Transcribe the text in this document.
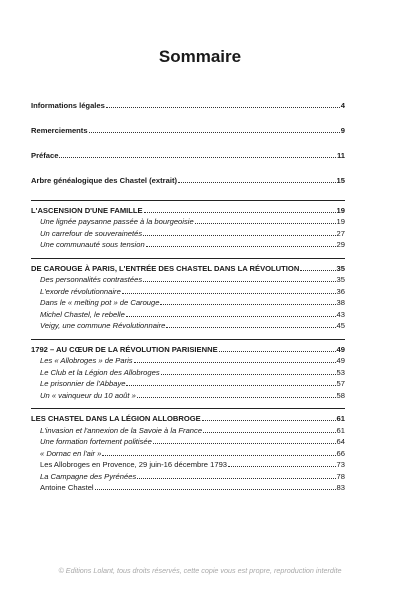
Sommaire
Informations légales	4
Remerciements	9
Préface	11
Arbre généalogique des Chastel (extrait)	15
L'ASCENSION D'UNE FAMILLE	19
Une lignée paysanne passée à la bourgeoisie	19
Un carrefour de souverainetés	27
Une communauté sous tension	29
DE CAROUGE À PARIS, L'ENTRÉE DES CHASTEL DANS LA RÉVOLUTION	35
Des personnalités contrastées	35
L'exorde révolutionnaire	36
Dans le « melting pot » de Carouge	38
Michel Chastel, le rebelle	43
Veigy, une commune Révolutionnaire	45
1792 – AU CŒUR DE LA RÉVOLUTION PARISIENNE	49
Les « Allobroges » de Paris	49
Le Club et la Légion des Allobroges	53
Le prisonnier de l'Abbaye	57
Un « vainqueur du 10 août »	58
LES CHASTEL DANS LA LÉGION ALLOBROGE	61
L'invasion et l'annexion de la Savoie à la France	61
Une formation fortement politisée	64
« Dornac en l'air »	66
Les Allobroges en Provence, 29 juin-16 décembre 1793	73
La Campagne des Pyrénées	78
Antoine Chastel	83
© Editions Lolant, tous droits réservés, cette copie vous est propre, reproduction interdite
